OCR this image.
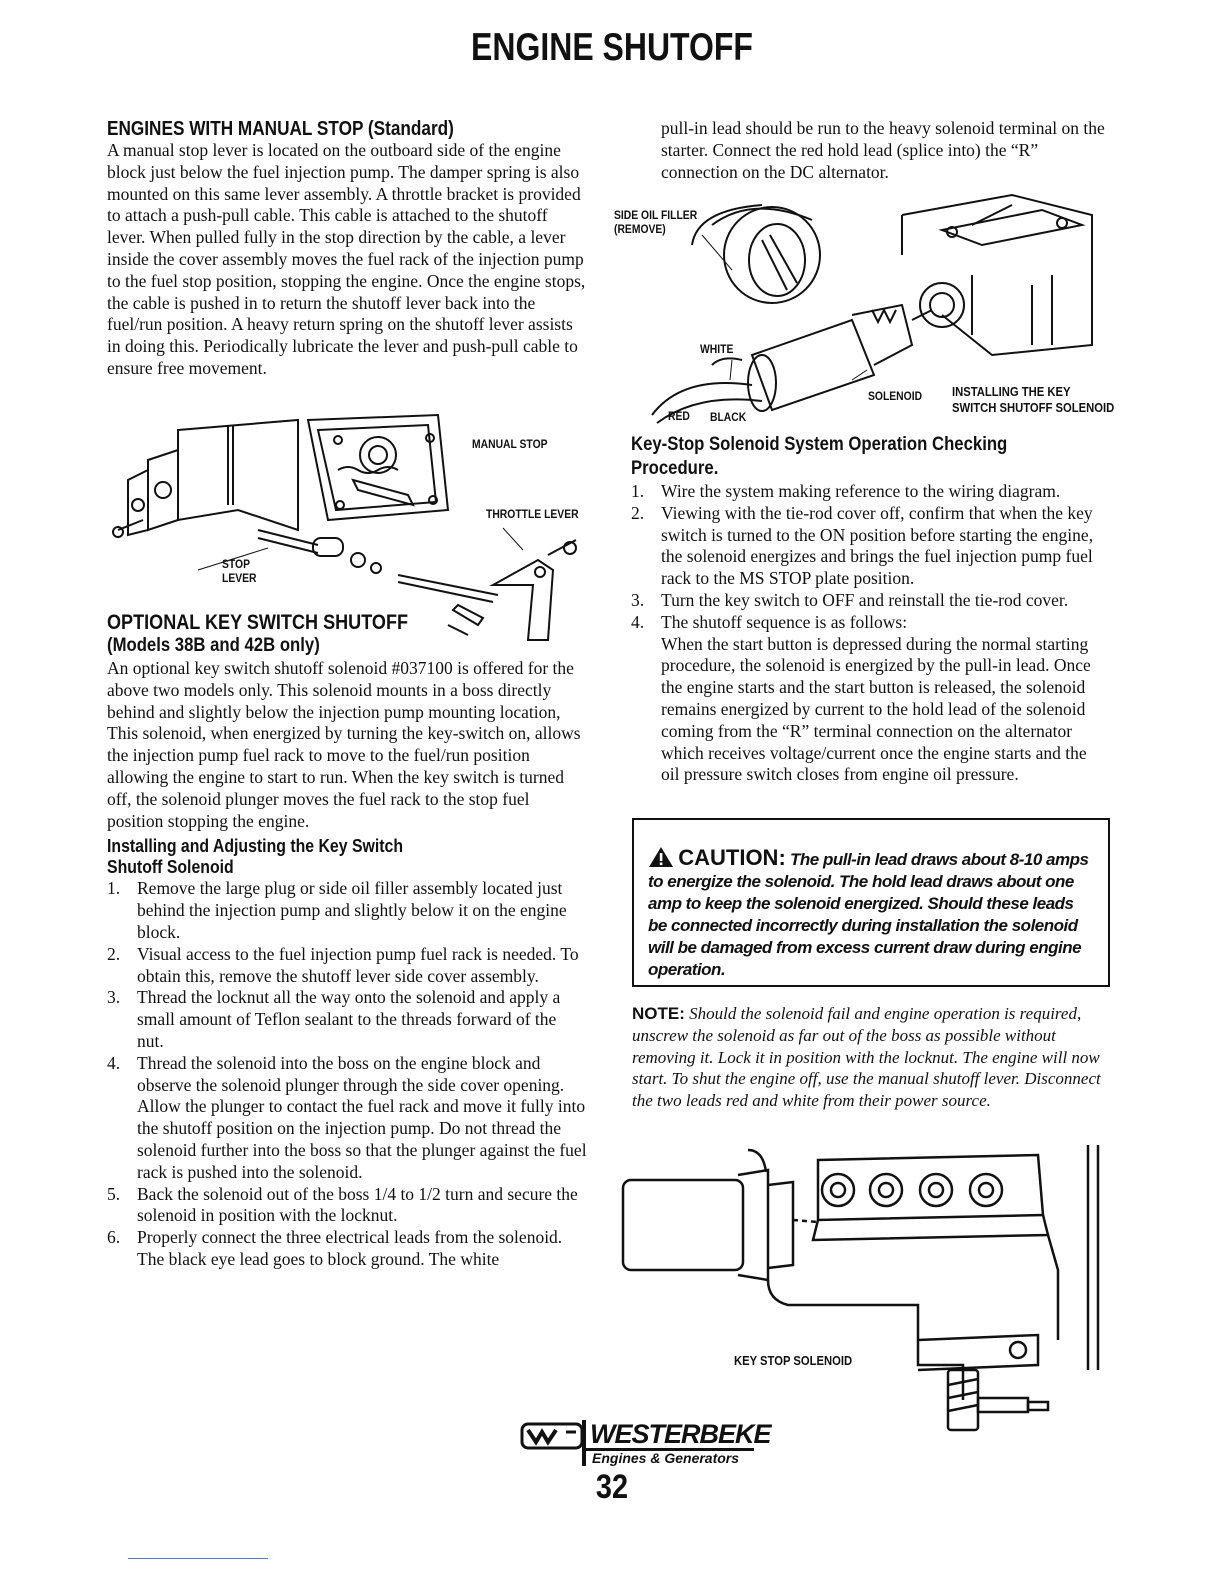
ENGINE SHUTOFF
ENGINES WITH MANUAL STOP (Standard)

A manual stop lever is located on the outboard side of the engine block just below the fuel injection pump. The damper spring is also mounted on this same lever assembly. A throttle bracket is provided to attach a push-pull cable. This cable is attached to the shutoff lever. When pulled fully in the stop direction by the cable, a lever inside the cover assembly moves the fuel rack of the injection pump to the fuel stop position, stopping the engine. Once the engine stops, the cable is pushed in to return the shutoff lever back into the fuel/run position. A heavy return spring on the shutoff lever assists in doing this. Periodically lubricate the lever and push-pull cable to ensure free movement.

MANUAL STOP
THROTTLE LEVER
STOP
LEVER
OPTIONAL KEY SWITCH SHUTOFF
(Models 38B and 42B only)

An optional key switch shutoff solenoid #037100 is offered for the above two models only. This solenoid mounts in a boss directly behind and slightly below the injection pump mounting location, This solenoid, when energized by turning the key-switch on, allows the injection pump fuel rack to move to the fuel/run position allowing the engine to start to run. When the key switch is turned off, the solenoid plunger moves the fuel rack to the stop fuel position stopping the engine.

Installing and Adjusting the Key Switch
Shutoff Solenoid
1. Remove the large plug or side oil filler assembly located just behind the injection pump and slightly below it on the engine block.
2. Visual access to the fuel injection pump fuel rack is needed. To obtain this, remove the shutoff lever side cover assembly.
3. Thread the locknut all the way onto the solenoid and apply a small amount of Teflon sealant to the threads forward of the nut.
4. Thread the solenoid into the boss on the engine block and observe the solenoid plunger through the side cover opening. Allow the plunger to contact the fuel rack and move it fully into the shutoff position on the injection pump. Do not thread the solenoid further into the boss so that the plunger against the fuel rack is pushed into the solenoid.
5. Back the solenoid out of the boss 1/4 to 1/2 turn and secure the solenoid in position with the locknut.
6. Properly connect the three electrical leads from the solenoid. The black eye lead goes to block ground. The white

pull-in lead should be run to the heavy solenoid terminal on the starter. Connect the red hold lead (splice into) the “R” connection on the DC alternator.

SIDE OIL FILLER
(REMOVE)
WHITE
RED BLACK
SOLENOID INSTALLING THE KEY
SWITCH SHUTOFF SOLENOID
Key-Stop Solenoid System Operation Checking
Procedure.
1. Wire the system making reference to the wiring diagram.
2. Viewing with the tie-rod cover off, confirm that when the key switch is turned to the ON position before starting the engine, the solenoid energizes and brings the fuel injection pump fuel rack to the MS STOP plate position.
3. Turn the key switch to OFF and reinstall the tie-rod cover.
4. The shutoff sequence is as follows:

When the start button is depressed during the normal starting procedure, the solenoid is energized by the pull-in lead. Once the engine starts and the start button is released, the solenoid remains energized by current to the hold lead of the solenoid coming from the “R” terminal connection on the alternator which receives voltage/current once the engine starts and the oil pressure switch closes from engine oil pressure.

CAUTION: The pull-in lead draws about 8-10 amps to energize the solenoid. The hold lead draws about one amp to keep the solenoid energized. Should these leads be connected incorrectly during installation the solenoid will be damaged from excess current draw during engine operation.
NOTE: Should the solenoid fail and engine operation is required, unscrew the solenoid as far out of the boss as possible without removing it. Lock it in position with the locknut. The engine will now start. To shut the engine off, use the manual shutoff lever. Disconnect the two leads red and white from their power source.
KEY STOP SOLENOID
WESTERBEKE
Engines & Generators
32
